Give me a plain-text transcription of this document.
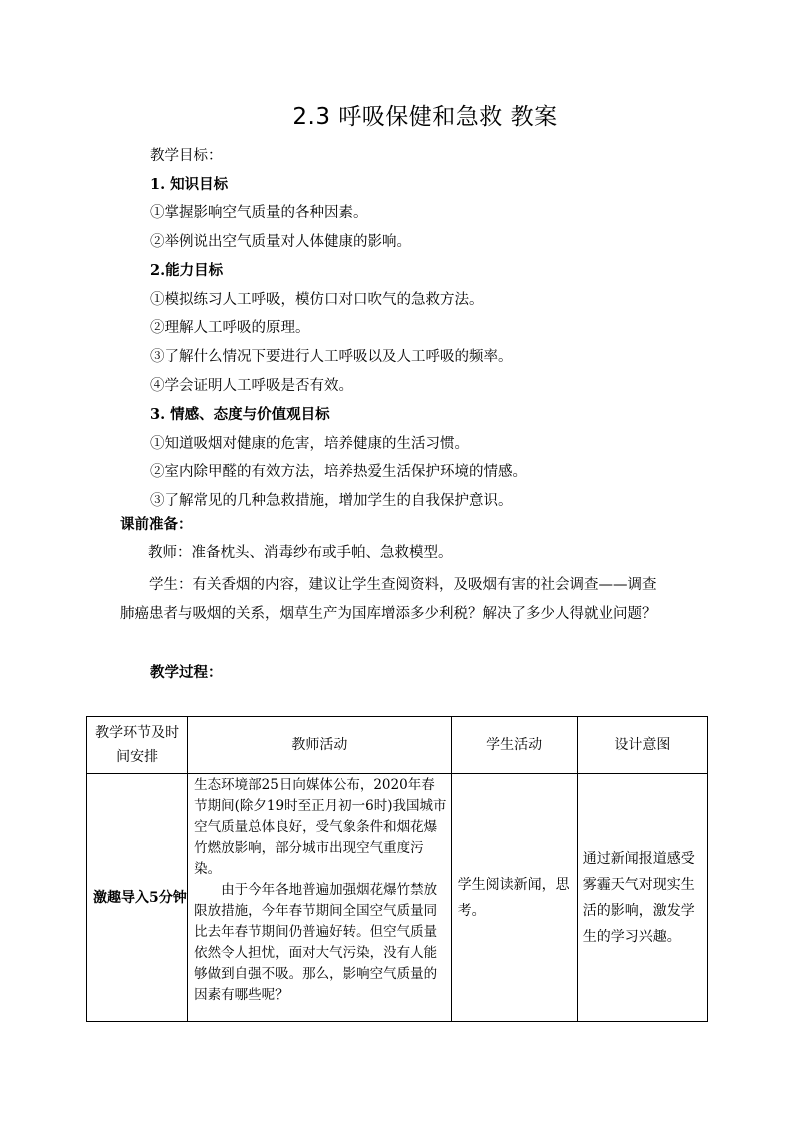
2.3 呼吸保健和急救 教案
教学目标：
1. 知识目标
①掌握影响空气质量的各种因素。
②举例说出空气质量对人体健康的影响。
2.能力目标
①模拟练习人工呼吸，模仿口对口吹气的急救方法。
②理解人工呼吸的原理。
③了解什么情况下要进行人工呼吸以及人工呼吸的频率。
④学会证明人工呼吸是否有效。
3. 情感、态度与价值观目标
①知道吸烟对健康的危害，培养健康的生活习惯。
②室内除甲醛的有效方法，培养热爱生活保护环境的情感。
③了解常见的几种急救措施，增加学生的自我保护意识。
课前准备：
教师：准备枕头、消毒纱布或手帕、急救模型。
学生：有关香烟的内容，建议让学生查阅资料，及吸烟有害的社会调查——调查肺癌患者与吸烟的关系，烟草生产为国库增添多少利税？解决了多少人得就业问题？
教学过程：
教学环节及时间安排	教师活动	学生活动	设计意图
激趣导入5分钟	生态环境部25日向媒体公布，2020年春节期间(除夕19时至正月初一6时)我国城市空气质量总体良好，受气象条件和烟花爆竹燃放影响，部分城市出现空气重度污染。
由于今年各地普遍加强烟花爆竹禁放限放措施，今年春节期间全国空气质量同比去年春节期间仍普遍好转。但空气质量依然令人担忧，面对大气污染，没有人能够做到自强不吸。那么，影响空气质量的因素有哪些呢？	学生阅读新闻，思考。	通过新闻报道感受雾霾天气对现实生活的影响，激发学生的学习兴趣。
